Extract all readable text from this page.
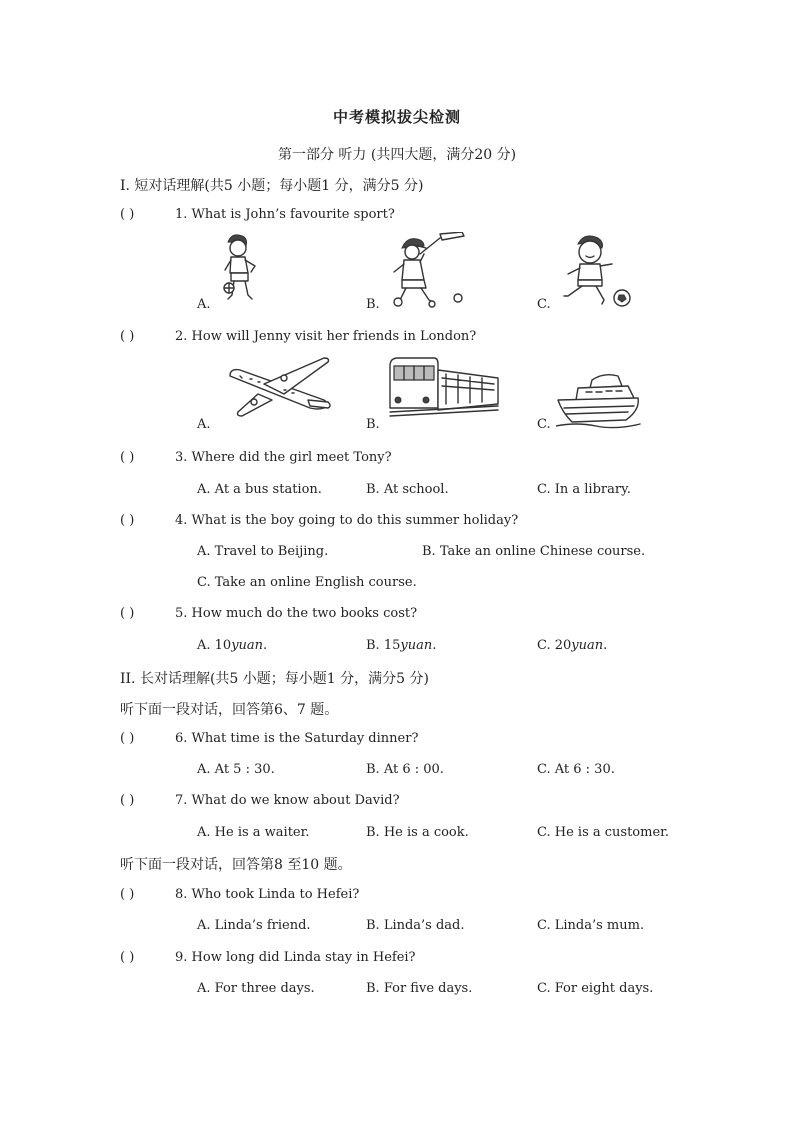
中考模拟拔尖检测
第一部分 听力 (共四大题，满分20 分)
I. 短对话理解(共5 小题；每小题1 分，满分5 分)
( )	1. What is John’s favourite sport?
A.	B.	C.
( )	2. How will Jenny visit her friends in London?
A.	B.	C.
( )	3. Where did the girl meet Tony?
A. At a bus station.	B. At school.	C. In a library.
( )	4. What is the boy going to do this summer holiday?
A. Travel to Beijing.	B. Take an online Chinese course.
C. Take an online English course.
( )	5. How much do the two books cost?
A. 10yuan.	B. 15yuan.	C. 20yuan.
II. 长对话理解(共5 小题；每小题1 分，满分5 分)
听下面一段对话，回答第6、7 题。
( )	6. What time is the Saturday dinner?
A. At 5 : 30.	B. At 6 : 00.	C. At 6 : 30.
( )	7. What do we know about David?
A. He is a waiter.	B. He is a cook.	C. He is a customer.
听下面一段对话，回答第8 至10 题。
( )	8. Who took Linda to Hefei?
A. Linda’s friend.	B. Linda’s dad.	C. Linda’s mum.
( )	9. How long did Linda stay in Hefei?
A. For three days.	B. For five days.	C. For eight days.
